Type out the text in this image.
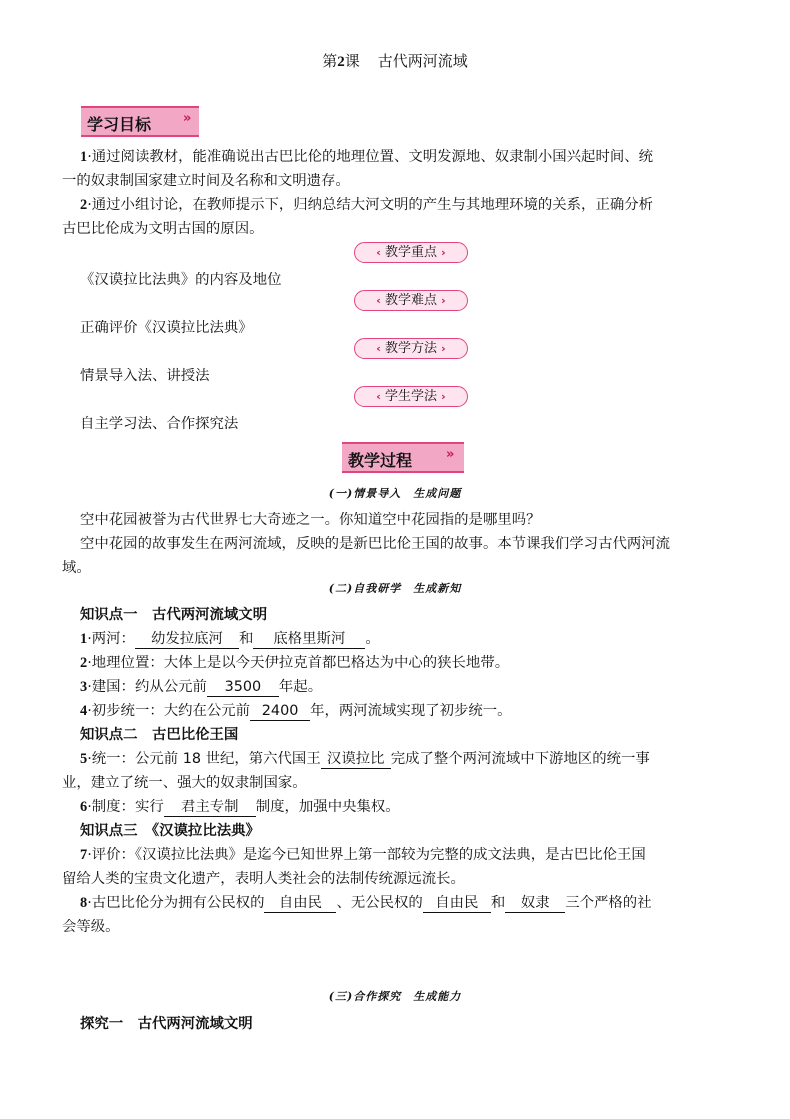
第2课 古代两河流域
学习目标 »
1·通过阅读教材，能准确说出古巴比伦的地理位置、文明发源地、奴隶制小国兴起时间、统
一的奴隶制国家建立时间及名称和文明遗存。
2·通过小组讨论，在教师提示下，归纳总结大河文明的产生与其地理环境的关系，正确分析
古巴比伦成为文明古国的原因。
‹ 教学重点 ›
《汉谟拉比法典》的内容及地位
‹ 教学难点 ›
正确评价《汉谟拉比法典》
‹ 教学方法 ›
情景导入法、讲授法
‹ 学生学法 ›
自主学习法、合作探究法
教学过程	»
(一)情景导入　生成问题
空中花园被誉为古代世界七大奇迹之一。你知道空中花园指的是哪里吗？
空中花园的故事发生在两河流域，反映的是新巴比伦王国的故事。本节课我们学习古代两河流
域。
(二)自我研学　生成新知
知识点一　古代两河流域文明
1·两河： 幼发拉底河 和 底格里斯河 。
2·地理位置：大体上是以今天伊拉克首都巴格达为中心的狭长地带。
3·建国：约从公元前 3500 年起。
4·初步统一：大约在公元前 2400 年，两河流域实现了初步统一。
知识点二　古巴比伦王国
5·统一：公元前 18 世纪，第六代国王 汉谟拉比 完成了整个两河流域中下游地区的统一事
业，建立了统一、强大的奴隶制国家。
6·制度：实行 君主专制 制度，加强中央集权。
知识点三　《汉谟拉比法典》
7·评价：《汉谟拉比法典》是迄今已知世界上第一部较为完整的成文法典，是古巴比伦王国
留给人类的宝贵文化遗产，表明人类社会的法制传统源远流长。
8·古巴比伦分为拥有公民权的 自由民 、无公民权的 自由民 和 奴隶 三个严格的社
会等级。
(三)合作探究　生成能力
探究一　古代两河流域文明
